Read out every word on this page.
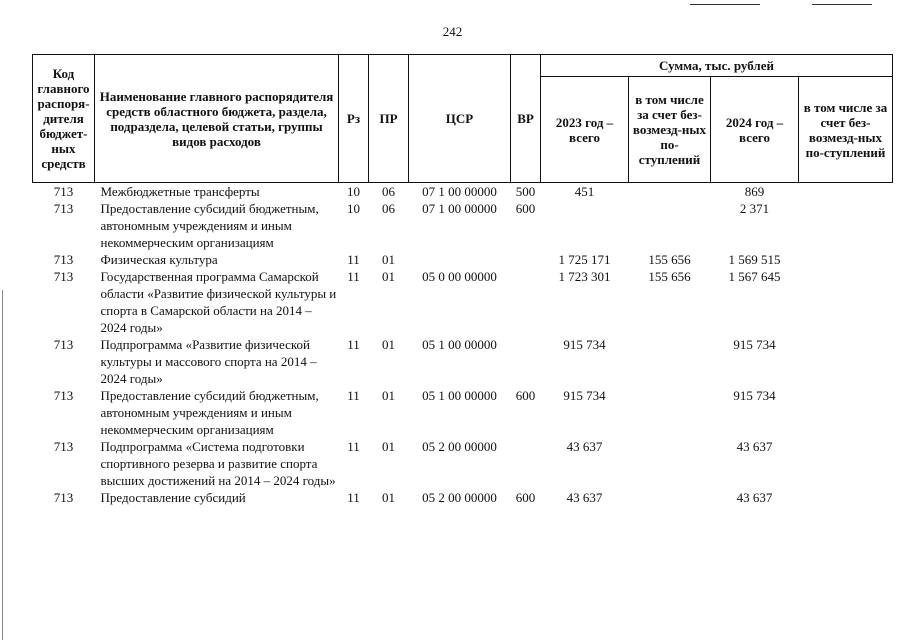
242
Код главного распоря-дителя бюджет-ных средств	Наименование главного распорядителя средств областного бюджета, раздела, подраздела, целевой статьи, группы видов расходов	Рз	ПР	ЦСР	ВР	Сумма, тыс. рублей			
						2023 год – всего	в том числе за счет без-возмезд-ных по-ступлений	2024 год – всего	в том числе за счет без-возмезд-ных по-ступлений
713	Межбюджетные трансферты	10	06	07 1 00 00000	500	451		869	
713	Предоставление субсидий бюджетным, автономным учреждениям и иным некоммерческим организациям	10	06	07 1 00 00000	600			2 371	
713	Физическая культура	11	01			1 725 171	155 656	1 569 515	
713	Государственная программа Самарской области «Развитие физической культуры и спорта в Самарской области на 2014 – 2024 годы»	11	01	05 0 00 00000		1 723 301	155 656	1 567 645	
713	Подпрограмма «Развитие физической культуры и массового спорта на 2014 – 2024 годы»	11	01	05 1 00 00000		915 734		915 734	
713	Предоставление субсидий бюджетным, автономным учреждениям и иным некоммерческим организациям	11	01	05 1 00 00000	600	915 734		915 734	
713	Подпрограмма «Система подготовки спортивного резерва и развитие спорта высших достижений на 2014 – 2024 годы»	11	01	05 2 00 00000		43 637		43 637	
713	Предоставление субсидий	11	01	05 2 00 00000	600	43 637		43 637	
